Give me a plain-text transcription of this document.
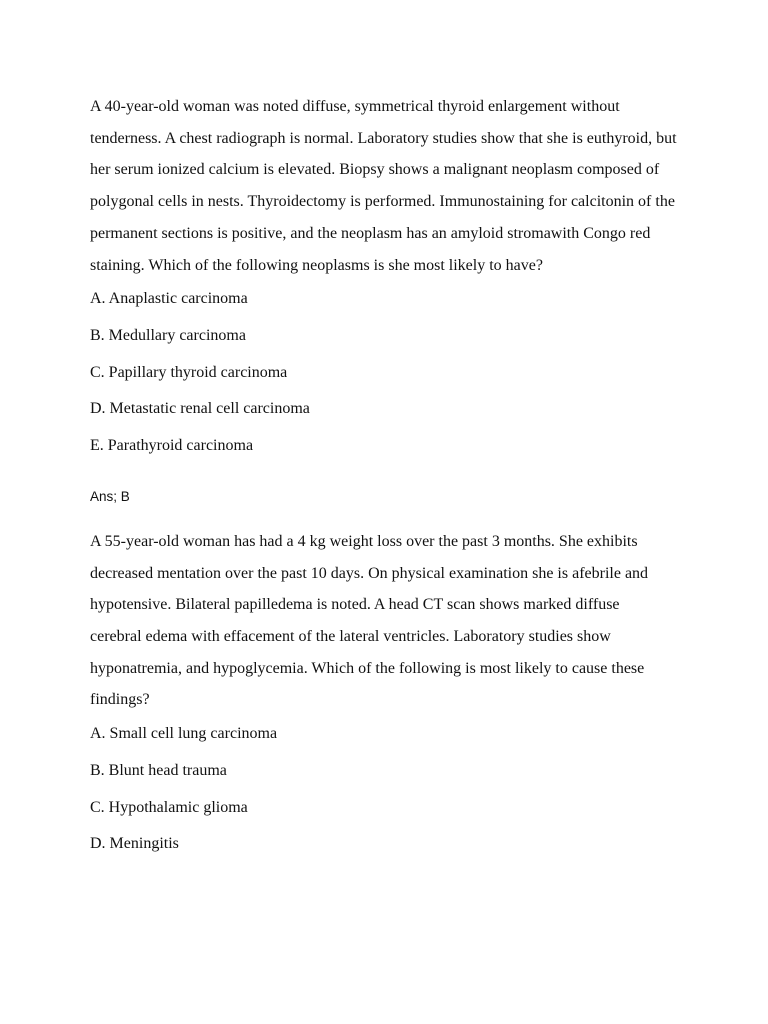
A 40-year-old woman was noted diffuse, symmetrical thyroid enlargement without tenderness. A chest radiograph is normal. Laboratory studies show that she is euthyroid, but her serum ionized calcium is elevated. Biopsy shows a malignant neoplasm composed of polygonal cells in nests. Thyroidectomy is performed. Immunostaining for calcitonin of the permanent sections is positive, and the neoplasm has an amyloid stromawith Congo red staining. Which of the following neoplasms is she most likely to have?

A. Anaplastic carcinoma
B. Medullary carcinoma
C. Papillary thyroid carcinoma
D. Metastatic renal cell carcinoma
E. Parathyroid carcinoma

Ans; B

A 55-year-old woman has had a 4 kg weight loss over the past 3 months. She exhibits decreased mentation over the past 10 days. On physical examination she is afebrile and hypotensive. Bilateral papilledema is noted. A head CT scan shows marked diffuse cerebral edema with effacement of the lateral ventricles. Laboratory studies show hyponatremia, and hypoglycemia. Which of the following is most likely to cause these findings?

A. Small cell lung carcinoma
B. Blunt head trauma
C. Hypothalamic glioma
D. Meningitis
